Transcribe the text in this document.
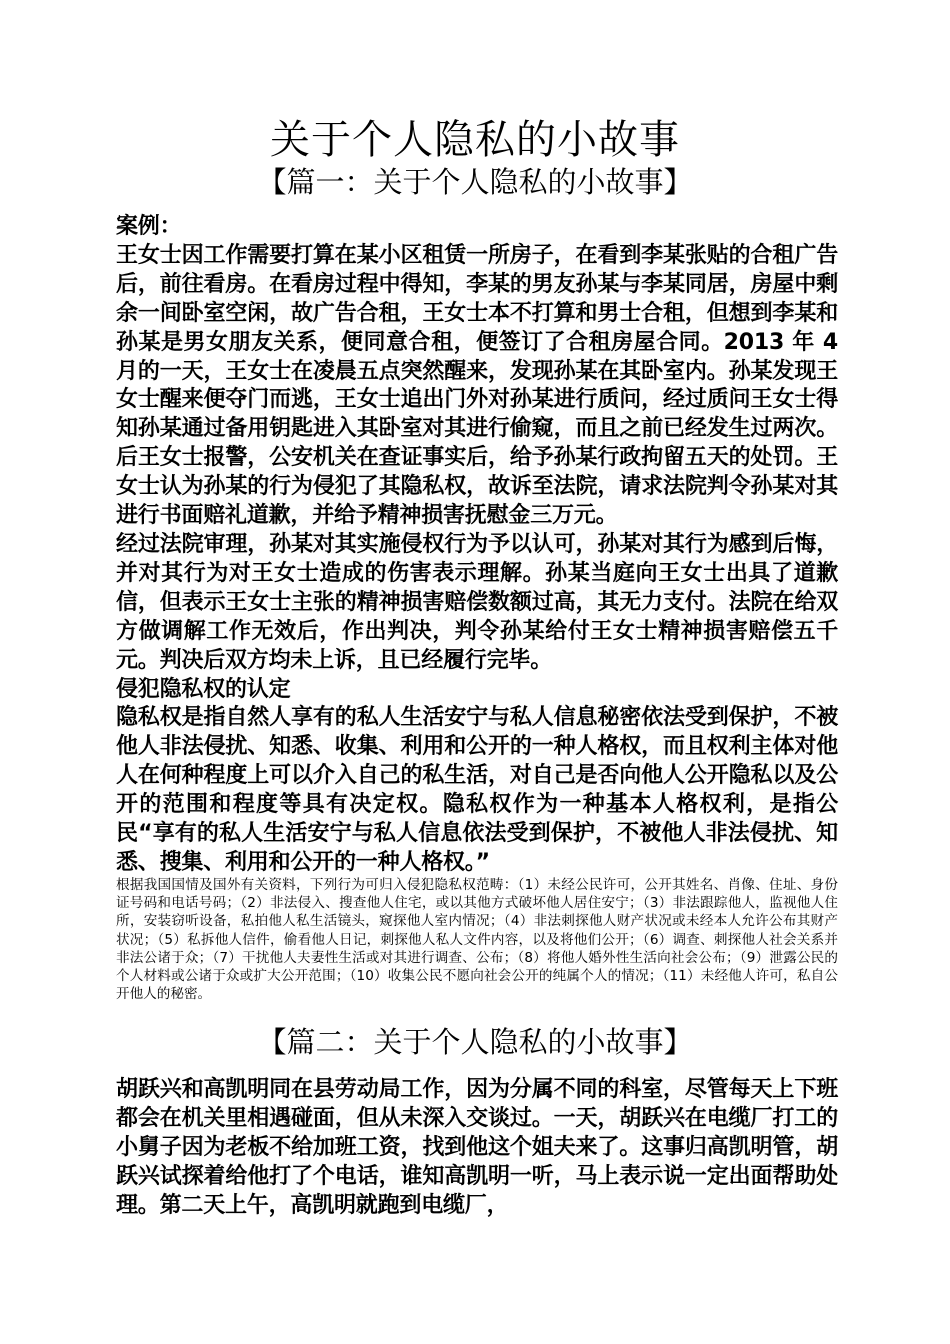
关于个人隐私的小故事
【篇一：关于个人隐私的小故事】

案例：

王女士因工作需要打算在某小区租赁一所房子，在看到李某张贴的合租广告后，前往看房。在看房过程中得知，李某的男友孙某与李某同居，房屋中剩余一间卧室空闲，故广告合租，王女士本不打算和男士合租，但想到李某和孙某是男女朋友关系，便同意合租，便签订了合租房屋合同。2013 年 4 月的一天，王女士在凌晨五点突然醒来，发现孙某在其卧室内。孙某发现王女士醒来便夺门而逃，王女士追出门外对孙某进行质问，经过质问王女士得知孙某通过备用钥匙进入其卧室对其进行偷窥，而且之前已经发生过两次。后王女士报警，公安机关在查证事实后，给予孙某行政拘留五天的处罚。王女士认为孙某的行为侵犯了其隐私权，故诉至法院，请求法院判令孙某对其进行书面赔礼道歉，并给予精神损害抚慰金三万元。

经过法院审理，孙某对其实施侵权行为予以认可，孙某对其行为感到后悔，并对其行为对王女士造成的伤害表示理解。孙某当庭向王女士出具了道歉信，但表示王女士主张的精神损害赔偿数额过高，其无力支付。法院在给双方做调解工作无效后，作出判决，判令孙某给付王女士精神损害赔偿五千元。判决后双方均未上诉，且已经履行完毕。

侵犯隐私权的认定

隐私权是指自然人享有的私人生活安宁与私人信息秘密依法受到保护，不被他人非法侵扰、知悉、收集、利用和公开的一种人格权，而且权利主体对他人在何种程度上可以介入自己的私生活，对自己是否向他人公开隐私以及公开的范围和程度等具有决定权。隐私权作为一种基本人格权利，是指公民“享有的私人生活安宁与私人信息依法受到保护，不被他人非法侵扰、知悉、搜集、利用和公开的一种人格权。”

根据我国国情及国外有关资料，下列行为可归入侵犯隐私权范畴：（1）未经公民许可，公开其姓名、肖像、住址、身份证号码和电话号码；（2）非法侵入、搜查他人住宅，或以其他方式破坏他人居住安宁；（3）非法跟踪他人，监视他人住所，安装窃听设备，私拍他人私生活镜头，窥探他人室内情况；（4）非法刺探他人财产状况或未经本人允许公布其财产状况；（5）私拆他人信件，偷看他人日记，刺探他人私人文件内容，以及将他们公开；（6）调查、刺探他人社会关系并非法公诸于众；（7）干扰他人夫妻性生活或对其进行调查、公布；（8）将他人婚外性生活向社会公布；（9）泄露公民的个人材料或公诸于众或扩大公开范围；（10）收集公民不愿向社会公开的纯属个人的情况；（11）未经他人许可，私自公开他人的秘密。

【篇二：关于个人隐私的小故事】

胡跃兴和高凯明同在县劳动局工作，因为分属不同的科室，尽管每天上下班都会在机关里相遇碰面，但从未深入交谈过。一天，胡跃兴在电缆厂打工的小舅子因为老板不给加班工资，找到他这个姐夫来了。这事归高凯明管，胡跃兴试探着给他打了个电话，谁知高凯明一听，马上表示说一定出面帮助处理。第二天上午，高凯明就跑到电缆厂，
